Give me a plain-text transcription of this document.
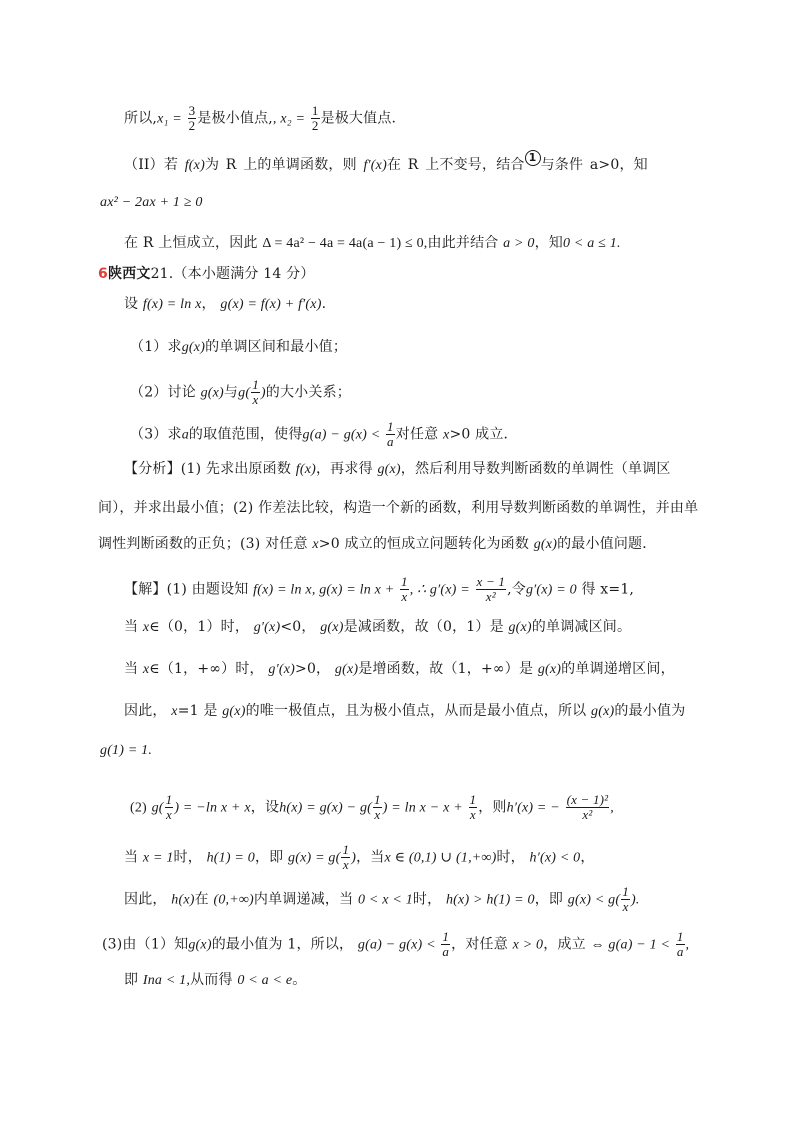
所以$,x_1 = \frac{3}{2}$ 是极小值点,, $x_2 = \frac{1}{2}$ 是极大值点.
（II）若 f(x)为 R 上的单调函数，则 f′(x)在 R 上不变号，结合 1 与条件 a>0，知
ax² − 2ax + 1 ≥ 0
在 R 上恒成立，因此 Δ = 4a² − 4a = 4a(a − 1) ≤ 0,由此并结合 a > 0，知0 < a ≤ 1.
6陕西文21.（本小题满分 14 分）
设 f(x) = ln x， g(x) = f(x) + f′(x).
（1）求g(x)的单调区间和最小值；
（2）讨论 g(x)与$g( \frac{1}{x}$ )的大小关系；
（3）求a的取值范围，使得$g(a) - g(x) < \frac{1}{a}$ 对任意 x>0 成立．
【分析】(1) 先求出原函数 f(x)，再求得 g(x)，然后利用导数判断函数的单调性（单调区
间），并求出最小值；(2) 作差法比较，构造一个新的函数，利用导数判断函数的单调性，并由单
调性判断函数的正负；(3) 对任意 x>0 成立的恒成立问题转化为函数 g(x)的最小值问题．
【解】(1) 由题设知 f(x) = ln x, $g(x) = \ln x + \frac{1}{x}$ , ∴ $g'(x) = \frac{x - 1}{\text{x²}}$ ,令g′(x) = 0 得 x=1,
当 x∈（0，1）时， g′(x)<0， g(x)是减函数，故（0，1）是 g(x)的单调减区间。
当 x∈（1，+∞）时， g′(x)>0， g(x)是增函数，故（1，+∞）是 g(x)的单调递增区间，
因此， x=1 是 g(x)的唯一极值点，且为极小值点，从而是最小值点，所以 g(x)的最小值为
g(1) = 1.
(2) $g( \frac{1}{x}$ ) = −ln x + x，设$h(x) = g(x) - g( \frac{1}{x}$ ) = $\ln x - x + \frac{1}{x}$ ，则h′(x) = − $\frac{\text{(x − 1)²}}{\text{x²}}$ ,
当 x = 1时， h(1) = 0，即 $g(x) = g( \frac{1}{x}$ )，当x ∈ (0,1) ∪ (1,+∞)时， h′(x) < 0，
因此， h(x)在 (0,+∞)内单调递减，当 0 < x < 1时， h(x) > h(1) = 0，即 $g(x) < g( \frac{1}{x}$ ).
(3)由（1）知g(x)的最小值为 1，所以， $g(a) - g(x) < \frac{1}{a}$ ，对任意 x > 0，成立 ⇔ $g(a) - 1 < \frac{1}{a}$ ,
即 Ina < 1,从而得 0 < a < e。
